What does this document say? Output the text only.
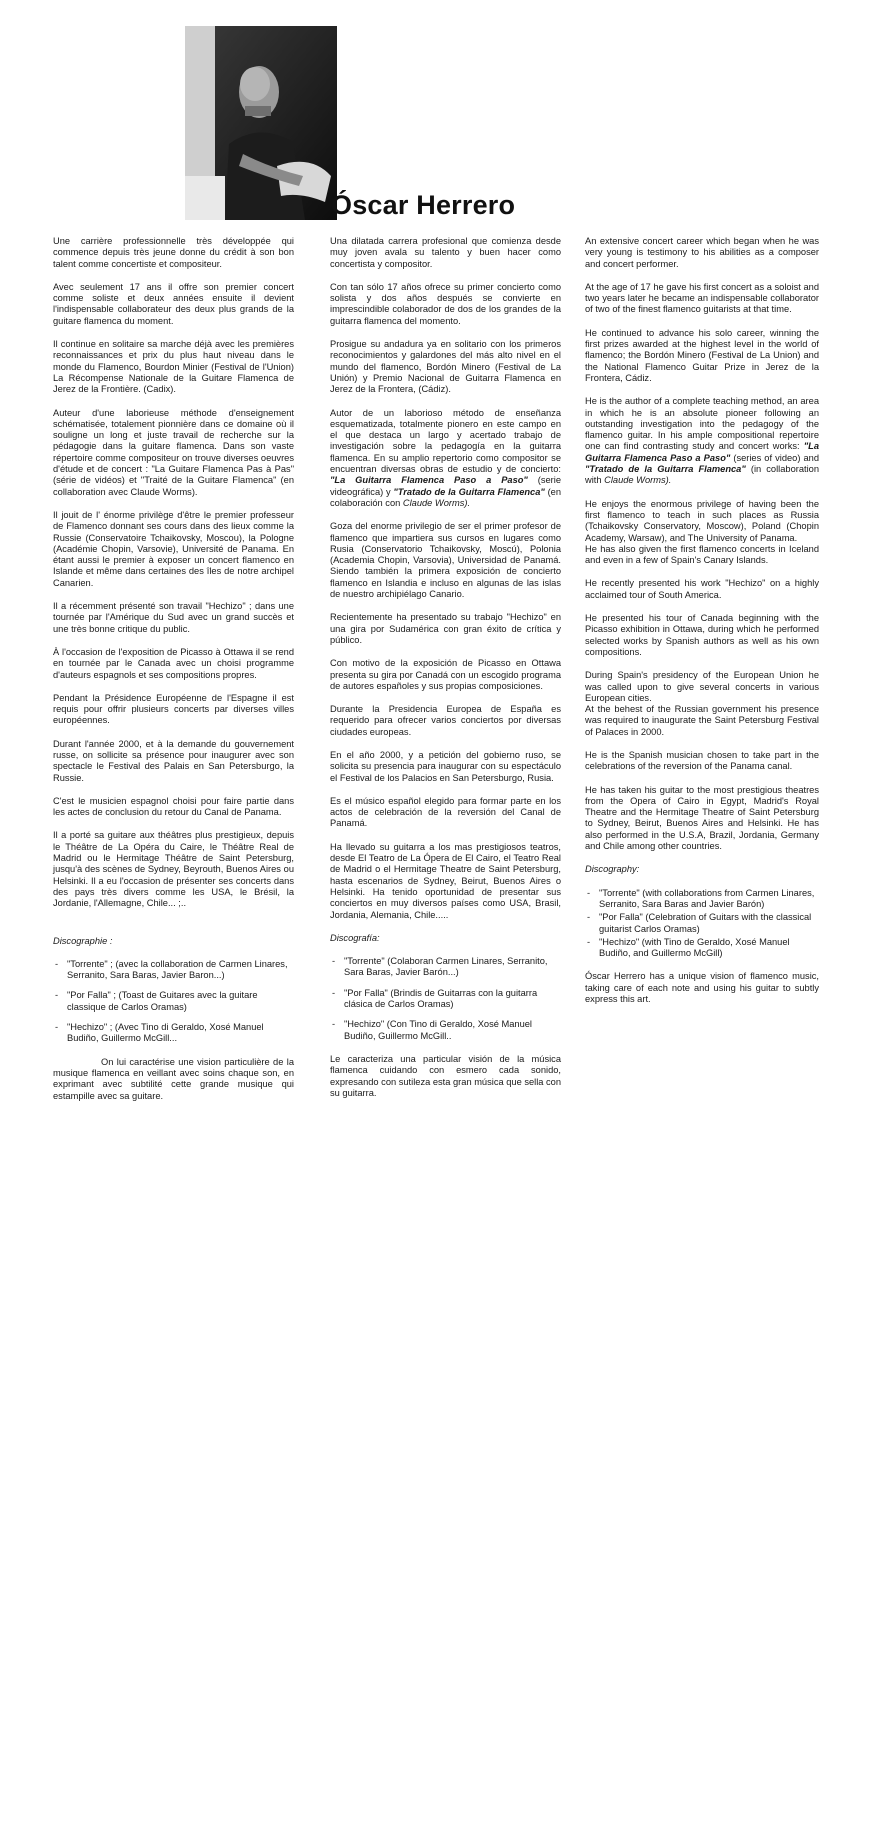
Óscar Herrero

Une carrière professionnelle très développée qui commence depuis très jeune donne du crédit à son bon talent comme concertiste et compositeur.

Avec seulement 17 ans il offre son premier concert comme soliste et deux années ensuite il devient l'indispensable collaborateur des deux plus grands de la guitare flamenca du moment.

Il continue en solitaire sa marche déjà avec les premières reconnaissances et prix du plus haut niveau dans le monde du Flamenco, Bourdon Minier (Festival de l'Union) La Récompense Nationale de la Guitare Flamenca de Jerez de la Frontière. (Cadix).

Auteur d'une laborieuse méthode d'enseignement schématisée, totalement pionnière dans ce domaine où il souligne un long et juste travail de recherche sur la pédagogie dans la guitare flamenca. Dans son vaste répertoire comme compositeur on trouve diverses oeuvres d'étude et de concert : "La Guitare Flamenca Pas à Pas" (série de vidéos) et "Traité de la Guitare Flamenca" (en collaboration avec Claude Worms).

Il jouit de l' énorme privilège d'être le premier professeur de Flamenco donnant ses cours dans des lieux comme la Russie (Conservatoire Tchaikovsky, Moscou), la Pologne (Académie Chopin, Varsovie), Université de Panama. En étant aussi le premier à exposer un concert flamenco en Islande et même dans certaines des îles de notre archipel Canarien.

Il a récemment présenté son travail "Hechizo" ; dans une tournée par l'Amérique du Sud avec un grand succès et une très bonne critique du public.

À l'occasion de l'exposition de Picasso à Ottawa il se rend en tournée par le Canada avec un choisi programme d'auteurs espagnols et ses compositions propres.

Pendant la Présidence Européenne de l'Espagne il est requis pour offrir plusieurs concerts par diverses villes européennes.

Durant l'année 2000, et à la demande du gouvernement russe, on sollicite sa présence pour inaugurer avec son spectacle le Festival des Palais en San Petersburgo, la Russie.

C'est le musicien espagnol choisi pour faire partie dans les actes de conclusion du retour du Canal de Panama.

Il a porté sa guitare aux théâtres plus prestigieux, depuis le Théâtre de La Opéra du Caire, le Théâtre Real de Madrid ou le Hermitage Théâtre de Saint Petersburg, jusqu'à des scènes de Sydney, Beyrouth, Buenos Aires ou Helsinki. Il a eu l'occasion de présenter ses concerts dans des pays très divers comme les USA, le Brésil, la Jordanie, l'Allemagne, Chile... ;..

Discographie :

- "Torrente" ; (avec la collaboration de Carmen Linares, Serranito, Sara Baras, Javier Baron...)
- "Por Falla" ; (Toast de Guitares avec la guitare classique de Carlos Oramas)
- "Hechizo" ; (Avec Tino di Geraldo, Xosé Manuel Budiño, Guillermo McGill...

On lui caractérise une vision particulière de la musique flamenca en veillant avec soins chaque son, en exprimant avec subtilité cette grande musique qui estampille avec sa guitare.

Una dilatada carrera profesional que comienza desde muy joven avala su talento y buen hacer como concertista y compositor.

Con tan sólo 17 años ofrece su primer concierto como solista y dos años después se convierte en imprescindible colaborador de dos de los grandes de la guitarra flamenca del momento.

Prosigue su andadura ya en solitario con los primeros reconocimientos y galardones del más alto nivel en el mundo del flamenco, Bordón Minero (Festival de La Unión) y Premio Nacional de Guitarra Flamenca en Jerez de la Frontera, (Cádiz).

Autor de un laborioso método de enseñanza esquematizada, totalmente pionero en este campo en el que destaca un largo y acertado trabajo de investigación sobre la pedagogía en la guitarra flamenca. En su amplio repertorio como compositor se encuentran diversas obras de estudio y de concierto: "La Guitarra Flamenca Paso a Paso" (serie videográfica) y "Tratado de la Guitarra Flamenca" (en colaboración con Claude Worms).

Goza del enorme privilegio de ser el primer profesor de flamenco que impartiera sus cursos en lugares como Rusia (Conservatorio Tchaikovsky, Moscú), Polonia (Academia Chopin, Varsovia), Universidad de Panamá. Siendo también la primera exposición de concierto flamenco en Islandia e incluso en algunas de las islas de nuestro archipiélago Canario.

Recientemente ha presentado su trabajo "Hechizo" en una gira por Sudamérica con gran éxito de crítica y público.

Con motivo de la exposición de Picasso en Ottawa presenta su gira por Canadá con un escogido programa de autores españoles y sus propias composiciones.

Durante la Presidencia Europea de España es requerido para ofrecer varios conciertos por diversas ciudades europeas.

En el año 2000, y a petición del gobierno ruso, se solicita su presencia para inaugurar con su espectáculo el Festival de los Palacios en San Petersburgo, Rusia.

Es el músico español elegido para formar parte en los actos de celebración de la reversión del Canal de Panamá.

Ha llevado su guitarra a los mas prestigiosos teatros, desde El Teatro de La Ópera de El Cairo, el Teatro Real de Madrid o el Hermitage Theatre de Saint Petersburg, hasta escenarios de Sydney, Beirut, Buenos Aires o Helsinki. Ha tenido oportunidad de presentar sus conciertos en muy diversos países como USA, Brasil, Jordania, Alemania, Chile.....

Discografía:

- "Torrente" (Colaboran Carmen Linares, Serranito, Sara Baras, Javier Barón...)
- "Por Falla" (Brindis de Guitarras con la guitarra clásica de Carlos Oramas)
- "Hechizo" (Con Tino di Geraldo, Xosé Manuel Budiño, Guillermo McGill..

Le caracteriza una particular visión de la música flamenca cuidando con esmero cada sonido, expresando con sutileza esta gran música que sella con su guitarra.

An extensive concert career which began when he was very young is testimony to his abilities as a composer and concert performer.

At the age of 17 he gave his first concert as a soloist and two years later he became an indispensable collaborator of two of the finest flamenco guitarists at that time.

He continued to advance his solo career, winning the first prizes awarded at the highest level in the world of flamenco; the Bordón Minero (Festival de La Union) and the National Flamenco Guitar Prize in Jerez de la Frontera, Cádiz.

He is the author of a complete teaching method, an area in which he is an absolute pioneer following an outstanding investigation into the pedagogy of the flamenco guitar. In his ample compositional repertoire one can find contrasting study and concert works: "La Guitarra Flamenca Paso a Paso" (series of video) and "Tratado de la Guitarra Flamenca" (in collaboration with Claude Worms).

He enjoys the enormous privilege of having been the first flamenco to teach in such places as Russia (Tchaikovsky Conservatory, Moscow), Poland (Chopin Academy, Warsaw), and The University of Panama.

He has also given the first flamenco concerts in Iceland and even in a few of Spain's Canary Islands.

He recently presented his work "Hechizo" on a highly acclaimed tour of South America.

He presented his tour of Canada beginning with the Picasso exhibition in Ottawa, during which he performed selected works by Spanish authors as well as his own compositions.

During Spain's presidency of the European Union he was called upon to give several concerts in various European cities.

At the behest of the Russian government his presence was required to inaugurate the Saint Petersburg Festival of Palaces in 2000.

He is the Spanish musician chosen to take part in the celebrations of the reversion of the Panama canal.

He has taken his guitar to the most prestigious theatres from the Opera of Cairo in Egypt, Madrid's Royal Theatre and the Hermitage Theatre of Saint Petersburg to Sydney, Beirut, Buenos Aires and Helsinki. He has also performed in the U.S.A, Brazil, Jordania, Germany and Chile among other countries.

Discography:

- "Torrente" (with collaborations from Carmen Linares, Serranito, Sara Baras and Javier Barón)
- "Por Falla" (Celebration of Guitars with the classical guitarist Carlos Oramas)
- "Hechizo" (with Tino de Geraldo, Xosé Manuel Budiño, and Guillermo McGill)

Óscar Herrero has a unique vision of flamenco music, taking care of each note and using his guitar to subtly express this art.
